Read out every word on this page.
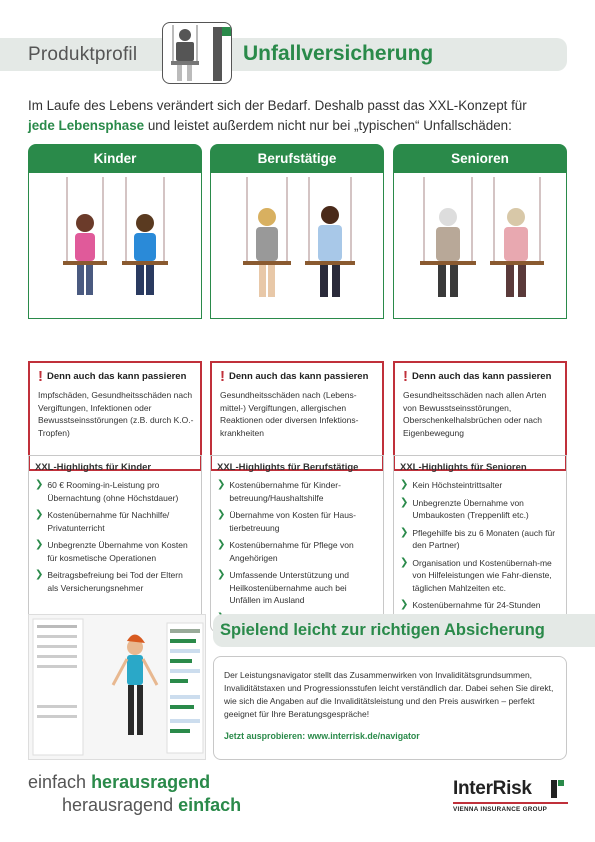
Produktprofil	Unfallversicherung
Im Laufe des Lebens verändert sich der Bedarf. Deshalb passt das XXL-Konzept für
jede Lebensphase und leistet außerdem nicht nur bei „typischen“ Unfallschäden:
Kinder
! Denn auch das kann passieren
Impfschäden, Gesundheitsschäden nach Vergiftungen, Infektionen oder Bewusstseinsstörungen (z.B. durch K.O.-Tropfen)
XXL-Highlights für Kinder
❯ 60 € Rooming-in-Leistung pro Übernachtung (ohne Höchstdauer)
❯ Kostenübernahme für Nachhilfe/ Privatunterricht
❯ Unbegrenzte Übernahme von Kosten für kosmetische Operationen
❯ Beitragsbefreiung bei Tod der Eltern als Versicherungsnehmer
Berufstätige
! Denn auch das kann passieren
Gesundheitsschäden nach (Lebens-mittel-) Vergiftungen, allergischen Reaktionen oder diversen Infektions-krankheiten
XXL-Highlights für Berufstätige
❯ Kostenübernahme für Kinder-betreuung/Haushaltshilfe
❯ Übernahme von Kosten für Haus-tierbetreuung
❯ Kostenübernahme für Pflege von Angehörigen
❯ Umfassende Unterstützung und Heilkostenübernahme auch bei Unfällen im Ausland
Senioren
! Denn auch das kann passieren
Gesundheitsschäden nach allen Arten von Bewusstseinsstörungen, Oberschenkelhalsbrüchen oder nach Eigenbewegung
XXL-Highlights für Senioren
❯ Kein Höchsteintrittsalter
❯ Unbegrenzte Übernahme von Umbaukosten (Treppenlift etc.)
❯ Pflegehilfe bis zu 6 Monaten (auch für den Partner)
❯ Organisation und Kostenübernah-me von Hilfeleistungen wie Fahr-dienste, täglichen Mahlzeiten etc.
❯ Kostenübernahme für 24-Stunden
Spielend leicht zur richtigen Absicherung
Der Leistungsnavigator stellt das Zusammenwirken von Invaliditätsgrundsummen, Invaliditätstaxen und Progressionsstufen leicht verständlich dar. Dabei sehen Sie direkt, wie sich die Angaben auf die Invaliditätsleistung und den Preis auswirken – perfekt geeignet für Ihre Beratungsgespräche!
Jetzt ausprobieren: www.interrisk.de/navigator
einfach herausragend
herausragend einfach
InterRisk
VIENNA INSURANCE GROUP
